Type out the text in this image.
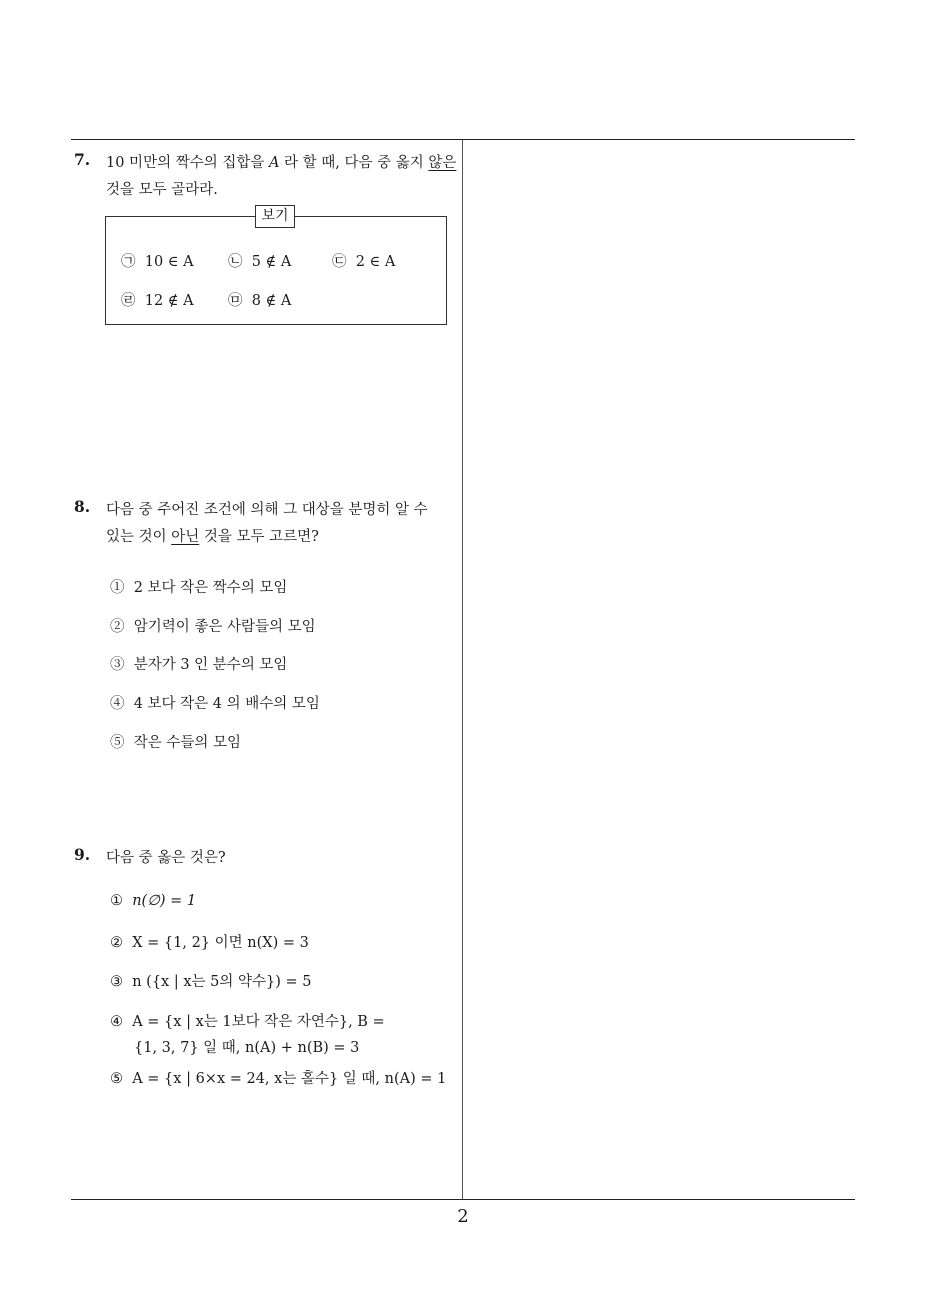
7. 10 미만의 짝수의 집합을 A 라 할 때, 다음 중 옳지 않은
것을 모두 골라라.
보기
㉠ 10 ∈ A ㉡ 5 ∉ A	㉢ 2 ∈ A
㉣ 12 ∉ A ㉤ 8 ∉ A
8. 다음 중 주어진 조건에 의해 그 대상을 분명히 알 수
있는 것이 아닌 것을 모두 고르면?
① 2 보다 작은 짝수의 모임
② 암기력이 좋은 사람들의 모임
③ 분자가 3 인 분수의 모임
④ 4 보다 작은 4 의 배수의 모임
⑤ 작은 수들의 모임
9. 다음 중 옳은 것은?
① n(∅) = 1
② X = {1, 2} 이면 n(X) = 3
③ n ({x | x는 5의 약수}) = 5
④ A = {x | x는 1보다 작은 자연수}, B =
{1, 3, 7} 일 때, n(A) + n(B) = 3
⑤ A = {x | 6×x = 24, x는 홀수} 일 때, n(A) = 1
2
